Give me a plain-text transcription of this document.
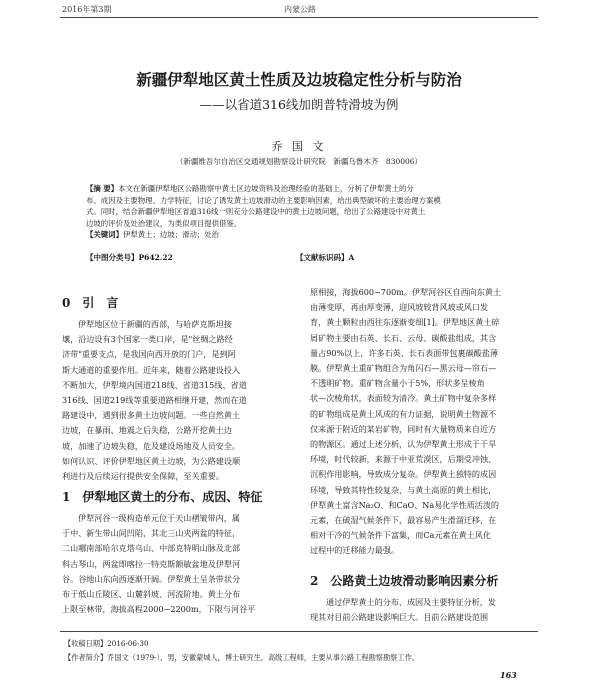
2016年第3期	内蒙公路
新疆伊犁地区黄土性质及边坡稳定性分析与防治
——以省道316线加朗普特滑坡为例
乔 国 文
（新疆维吾尔自治区交通规划勘察设计研究院　新疆乌鲁木齐　830006）
【摘 要】本文在新疆伊犁地区公路勘察中黄土区边坡资料及治理经验的基础上，分析了伊犁黄土的分
布、成因及主要物理、力学特征，讨论了诱发黄土边坡滑动的主要影响因素，给出典型破坏的主要治理方案模
式。同时，结合新疆伊犁地区省道316线一则充分公路建设中的黄土边坡问题，给出了公路建设中对黄土
边坡的评价及处治建议，为类似项目提供借鉴。
【关键词】伊犁黄土；边坡；滑动；处治
【中图分类号】P642.22	【文献标识码】A
0　引　言
伊犁地区位于新疆的西部，与哈萨克斯坦接
壤，沿边设有3个国家一类口岸，是"丝绸之路经
济带"重要支点，是我国向西开放的门户，是到阿
斯大通道的重要作用。近年来，随着公路建设投入
不断加大，伊犁境内国道218线、省道315线、省道
316线、国道219线等重要道路相继开建，然而在道
路建设中，遇到很多黄土边坡问题。一些自然黄土
边坡，在暴雨、地震之后失稳，公路开挖黄土边
坡，加速了边坡失稳，危及建设场地及人员安全。
如何认识、评价伊犁地区黄土边坡，为公路建设顺
利进行及后续运行提供安全保障，至关重要。
1　伊犁地区黄土的分布、成因、特征
伊犁河谷一级构造单元位于天山褶皱带内，属
于中、新生带山间凹陷，其北三山夹两盆的特征，
二山哪南部哈尔克塔乌山、中部克特明山脉及北部
科古琴山，两盆即喀拉一特克斯额敏盆地及伊犁河
谷。谷地山东向西逐渐开阔。伊犁黄土呈条带状分
布于低山丘陵区、山麓斜坡、河流阶地。黄土分布
上限至林带，海拔高程2000~2200m，下限与河谷平
原相接，海拔600~700m。伊犁河谷区自西向东黄土
由薄变厚，再由厚变薄，迎风坡较背风坡或风口发
育，黄土颗粒由西往东逐渐变细[1]。伊犁地区黄土碎
屑矿物主要由石英、长石、云母、碳酸盐组成，其含
量占90%以上，许多石英、长石表面带包裹碳酸盐薄
膜。伊犁黄土重矿物组合为角闪石—黑云母—帘石—
不透明矿物。重矿物含量小于5%，形状多呈棱角
状—次棱角状，表面较为清冷。黄土矿物中复杂多样
的矿物组成是黄土风成的有力证据，说明黄土物源不
仅来源于附近的某岩矿物，同时有大量物质来自近方
的物源区。通过上述分析，认为伊犁黄土形成于干旱
环境，时代较新，来源于中亚荒漠区，后期受冲蚀、
沉积作用影响，导致成分复杂。伊犁黄土独特的成因
环境，导致其特性较复杂，与黄土高原的黄土相比，
伊犁黄土富含Na₂O、和CaO、Na易化学性质活泼的
元素，在破湿气候条件下，最容易产生滑溜迁移，在
相对干冷的气候条件下富集，而Ca元素在黄土风化
过程中的迁移能力最强。
2　公路黄土边坡滑动影响因素分析
通过伊犁黄土的分布、成因及主要特征分析，发
现其对目前公路建设影响巨大。目前公路建设范围
【收稿日期】2016-06-30
【作者简介】乔国文（1979-），男，安徽蒙城人，博士研究生，高级工程师，主要从事公路工程勘察勘察工作。
163
